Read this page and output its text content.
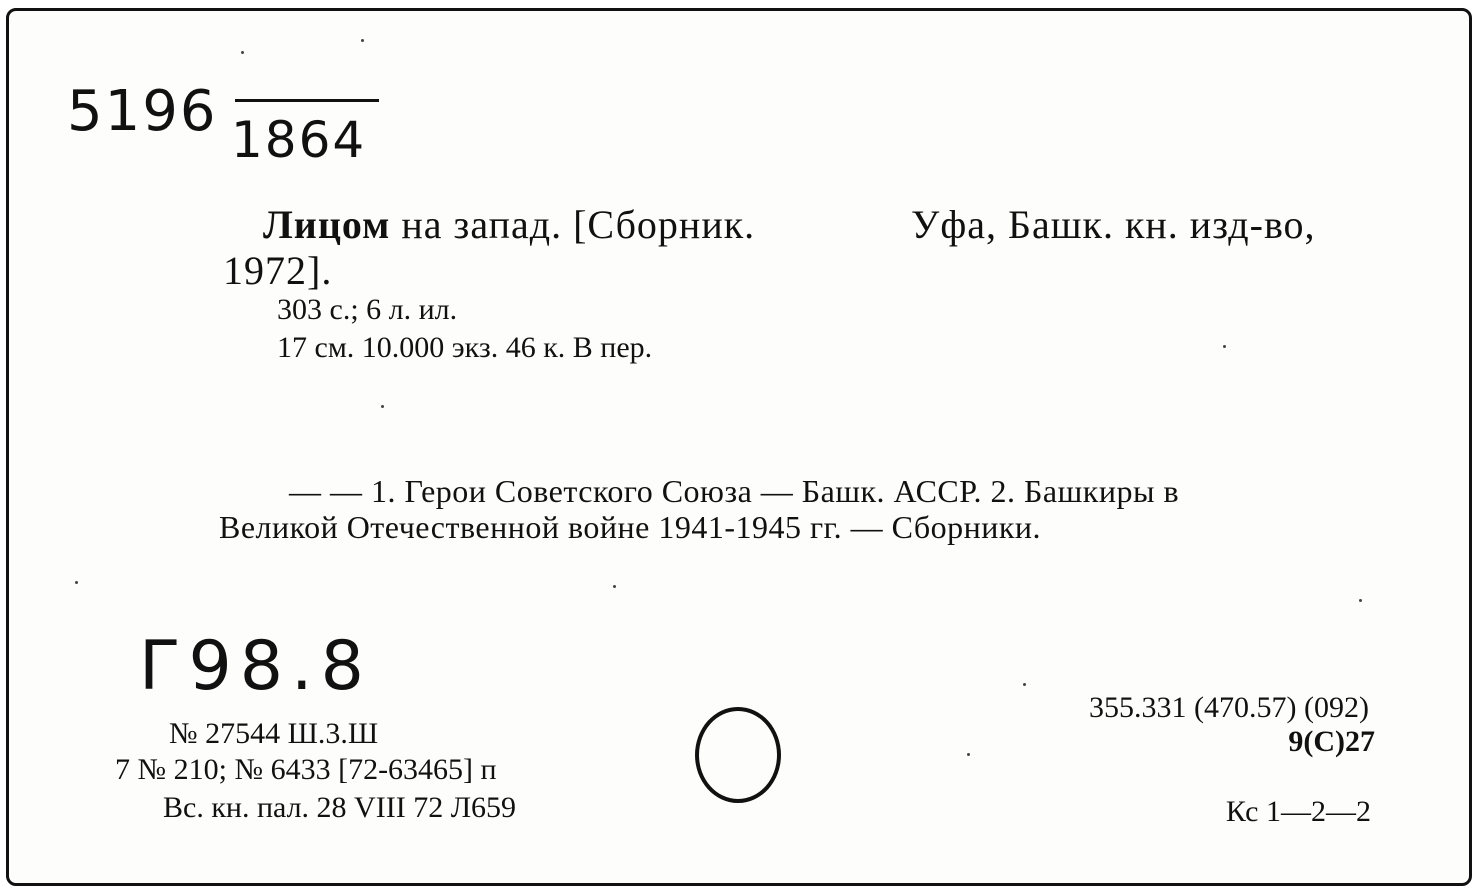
5196 1864
Лицом на запад. [Сборник.	Уфа, Башк. кн. изд-во,
1972].
303 с.; 6 л. ил.
17 см. 10.000 экз. 46 к. В пер.
— — 1. Герои Советского Союза — Башк. АССР. 2. Башкиры в
Великой Отечественной войне 1941-1945 гг. — Сборники.
Г98.8
№ 27544 Ш.3.Ш
7 № 210; № 6433 [72-63465] п
Вс. кн. пал. 28 VIII 72 Л659
355.331 (470.57) (092)
9(С)27
Кс 1—2—2
